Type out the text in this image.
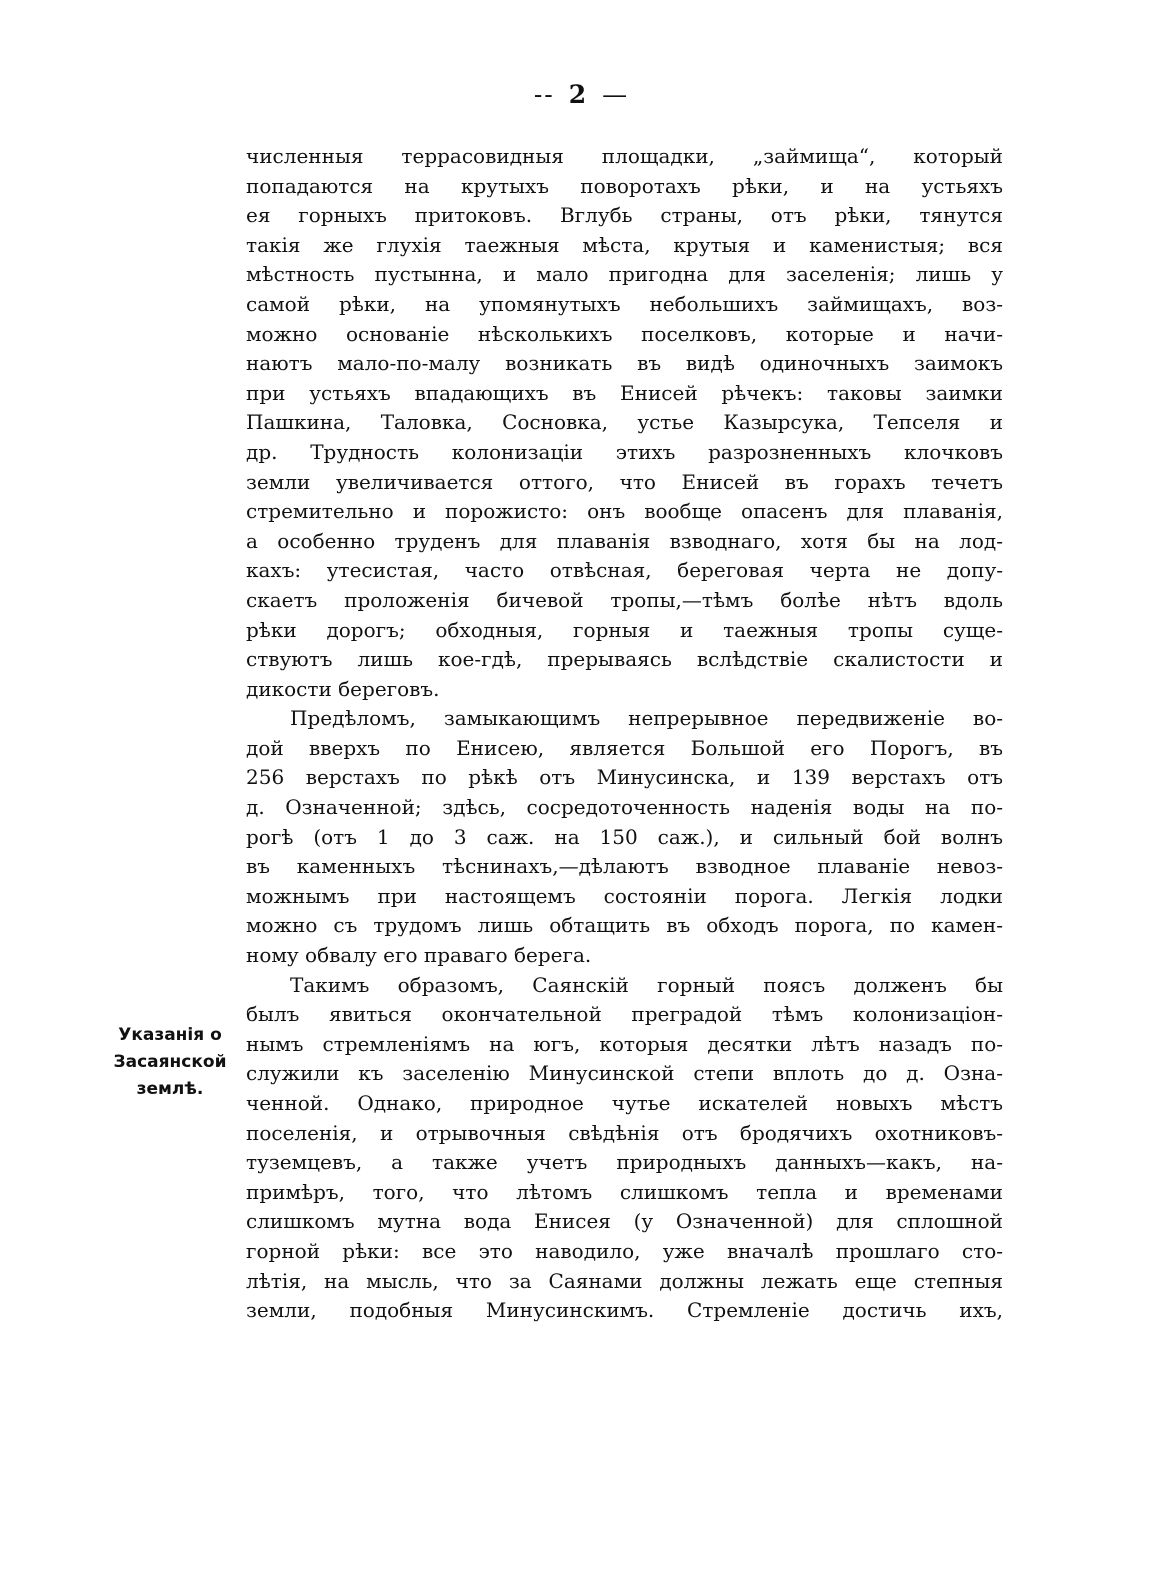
-- 2 —
Указанія о
Засаянской
землѣ.
численныя террасовидныя площадки, „займища“, который
попадаются на крутыхъ поворотахъ рѣки, и на устьяхъ
ея горныхъ притоковъ. Вглубь страны, отъ рѣки, тянутся
такія же глухія таежныя мѣста, крутыя и каменистыя; вся
мѣстность пустынна, и мало пригодна для заселенія; лишь у
самой рѣки, на упомянутыхъ небольшихъ займищахъ, воз-
можно основаніе нѣсколькихъ поселковъ, которые и начи-
наютъ мало-по-малу возникать въ видѣ одиночныхъ заимокъ
при устьяхъ впадающихъ въ Енисей рѣчекъ: таковы заимки
Пашкина, Таловка, Сосновка, устье Казырсука, Тепселя и
др. Трудность колонизаціи этихъ разрозненныхъ клочковъ
земли увеличивается оттого, что Енисей въ горахъ течетъ
стремительно и порожисто: онъ вообще опасенъ для плаванія,
а особенно труденъ для плаванія взводнаго, хотя бы на лод-
кахъ: утесистая, часто отвѣсная, береговая черта не допу-
скаетъ проложенія бичевой тропы,—тѣмъ болѣе нѣтъ вдоль
рѣки дорогъ; обходныя, горныя и таежныя тропы суще-
ствуютъ лишь кое-гдѣ, прерываясь вслѣдствіе скалистости и
дикости береговъ.
Предѣломъ, замыкающимъ непрерывное передвиженіе во-
дой вверхъ по Енисею, является Большой его Порогъ, въ
256 верстахъ по рѣкѣ отъ Минусинска, и 139 верстахъ отъ
д. Означенной; здѣсь, сосредоточенность наденія воды на по-
рогѣ (отъ 1 до 3 саж. на 150 саж.), и сильный бой волнъ
въ каменныхъ тѣснинахъ,—дѣлаютъ взводное плаваніе невоз-
можнымъ при настоящемъ состояніи порога. Легкія лодки
можно съ трудомъ лишь обтащить въ обходъ порога, по камен-
ному обвалу его праваго берега.
Такимъ образомъ, Саянскій горный поясъ долженъ бы
былъ явиться окончательной преградой тѣмъ колонизаціон-
нымъ стремленіямъ на югъ, которыя десятки лѣтъ назадъ по-
служили къ заселенію Минусинской степи вплоть до д. Озна-
ченной. Однако, природное чутье искателей новыхъ мѣстъ
поселенія, и отрывочныя свѣдѣнія отъ бродячихъ охотниковъ-
туземцевъ, а также учетъ природныхъ данныхъ—какъ, на-
примѣръ, того, что лѣтомъ слишкомъ тепла и временами
слишкомъ мутна вода Енисея (у Означенной) для сплошной
горной рѣки: все это наводило, уже вначалѣ прошлаго сто-
лѣтія, на мысль, что за Саянами должны лежать еще степныя
земли, подобныя Минусинскимъ. Стремленіе достичь ихъ,
